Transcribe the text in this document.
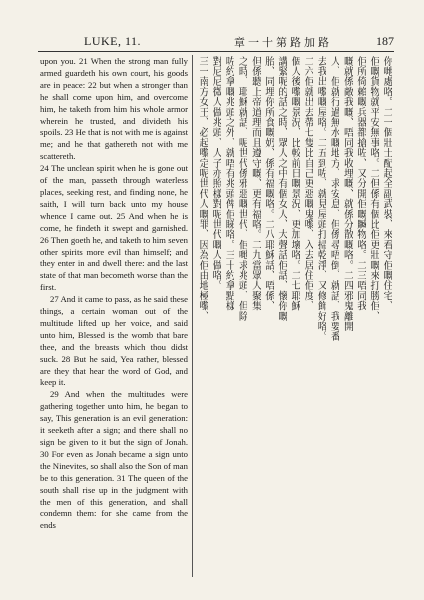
LUKE, 11.	章一十第路加路	187

upon you. 21 When the strong man fully armed guardeth his own court, his goods are in peace: 22 but when a stronger than he shall come upon him, and overcome him, he taketh from him his whole armor wherein he trusted, and divideth his spoils. 23 He that is not with me is against me; and he that gathereth not with me scattereth.

24 The unclean spirit when he is gone out of the man, passeth through waterless places, seeking rest, and finding none, he saith, I will turn back unto my house whence I came out. 25 And when he is come, he findeth it swept and garnished. 26 Then goeth he, and taketh to him seven other spirits more evil than himself; and they enter in and dwell there: and the last state of that man becometh worse than the first.

27 And it came to pass, as he said these things, a certain woman out of the multitude lifted up her voice, and said unto him, Blessed is the womb that bare thee, and the breasts which thou didst suck. 28 But he said, Yea rather, blessed are they that hear the word of God, and keep it.

29 And when the multitudes were gathering together unto him, he began to say, This generation is an evil generation: it seeketh after a sign; and there shall no sign be given to it but the sign of Jonah. 30 For even as Jonah became a sign unto the Ninevites, so shall also the Son of man be to this generation. 31 The queen of the south shall rise up in the judgment with the men of this generation, and shall condemn them: for she came from the ends

你哋處咯。二一個壯士配起全副武裝、來看守佢嘅住宅、
佢嘅貨物就平安無事咯。二但係有個比佢更壯嘅來打勝佢、
佢所倚賴嘅兵器都搶咗、又分開佢嘅贓物咯。二三唔同我
嘅就係敵我嘅、唔同我收埋嘅、就係分散嘅咯。二四邪鬼離開
人、佢就行過無水嘅地方、求安息、但係尋唔倒、就話、我要番
去我出嚟嘅屋咯。二五到咗、就見屋頭打掃乾淨、又修飾好咯。
二六佢就出去帶七隻比自己更惡嘅鬼嚟、入去居住佢度、
個人後嚟嘅景況、比較前日嘅景況、更加壞咯。二七耶穌
講緊呢的話之時、眾人之中有個女人、大聲話佢話、懷你嘅
胎、同埋你所食嘅奶、係有福嘅咯。二八耶穌話、唔係、
但係聽上帝道理而且遵守嘅、更有福咯。二九當眾人聚集
之時、耶穌就話、呢世代係邪惡嘅世代、佢哋求兆頭、但除
咗約拿嘅兆頭之外、就唔有兆頭俾佢睇咯。三十約拿點樣
對尼尼微人做兆頭、人子亦照樣對呢世代嘅人做咯。
三一南方女王、必起嚟定呢世代人嘅罪、因為佢由地極嚟、
